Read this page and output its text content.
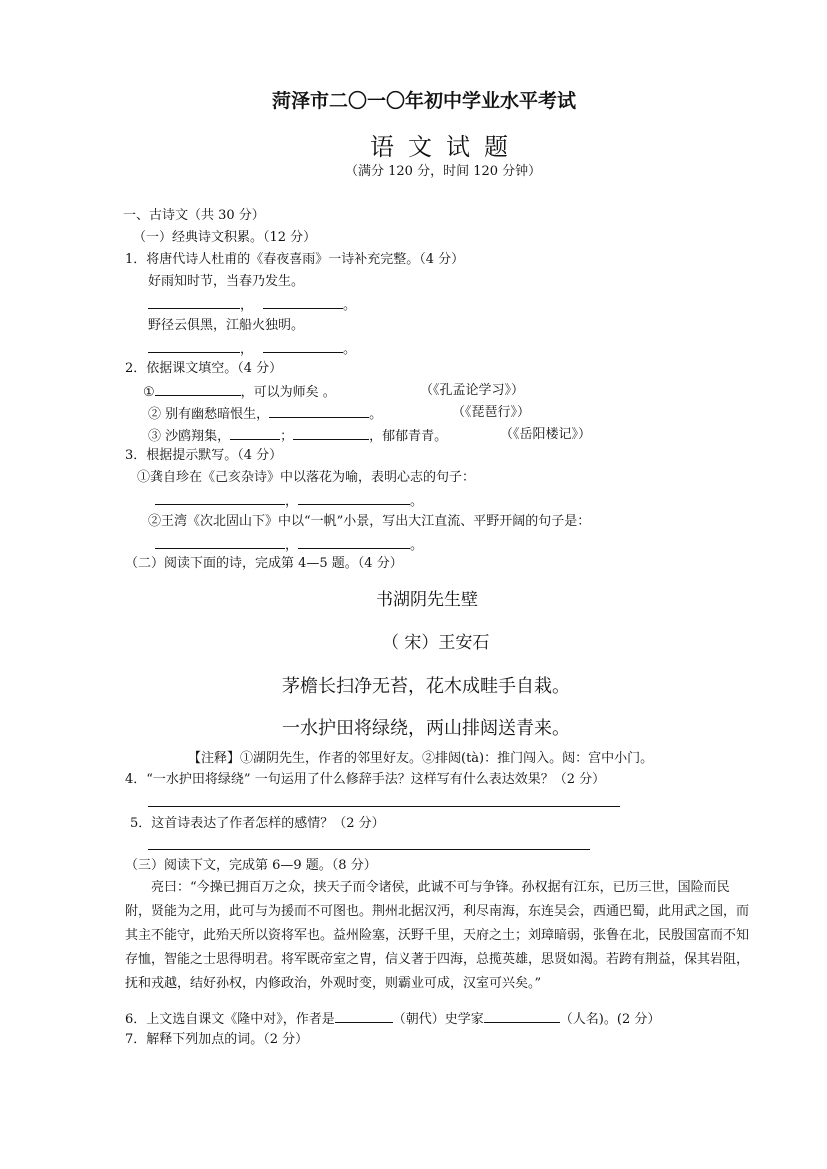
菏泽市二〇一〇年初中学业水平考试
语文试题
（满分 120 分，时间 120 分钟）
一、古诗文（共 30 分）
（一）经典诗文积累。（12 分）
1．将唐代诗人杜甫的《春夜喜雨》一诗补充完整。（4 分）
好雨知时节，当春乃发生。
，	。
野径云俱黑，江船火独明。
，	。
2．依据课文填空。（4 分）
①	，可以为师矣 。	（《孔孟论学习》）
② 别有幽愁暗恨生，	。	（《琵琶行》）
③ 沙鸥翔集，	；	，郁郁青青。	（《岳阳楼记》）
3．根据提示默写。（4 分）
①龚自珍在《己亥杂诗》中以落花为喻，表明心志的句子：
，	。
②王湾《次北固山下》中以“一帆”小景，写出大江直流、平野开阔的句子是：
，	。
（二）阅读下面的诗，完成第 4—5 题。（4 分）
书湖阴先生壁
（ 宋）王安石
茅檐长扫净无苔，花木成畦手自栽。
一水护田将绿绕，两山排闼送青来。
【注释】①湖阴先生，作者的邻里好友。②排闼(tà)：推门闯入。闼：宫中小门。
4．“一水护田将绿绕” 一句运用了什么修辞手法？这样写有什么表达效果？（2 分）
5．这首诗表达了作者怎样的感情？（2 分）
（三）阅读下文，完成第 6—9 题。（8 分）
亮曰：“今操已拥百万之众，挟天子而令诸侯，此诚不可与争锋。孙权据有江东，已历三世，国险而民附，贤能为之用，此可与为援而不可图也。荆州北据汉沔，利尽南海，东连吴会，西通巴蜀，此用武之国，而其主不能守，此殆天所以资将军也。益州险塞，沃野千里，天府之土；刘璋暗弱，张鲁在北，民殷国富而不知存恤，智能之士思得明君。将军既帝室之胄，信义著于四海，总揽英雄，思贤如渴。若跨有荆益，保其岩阻，抚和戎越，结好孙权，内修政治，外观时变，则霸业可成，汉室可兴矣。”
6．上文选自课文《隆中对》，作者是	（朝代）史学家	（人名)。(2 分）
7．解释下列加点的词。（2 分）
